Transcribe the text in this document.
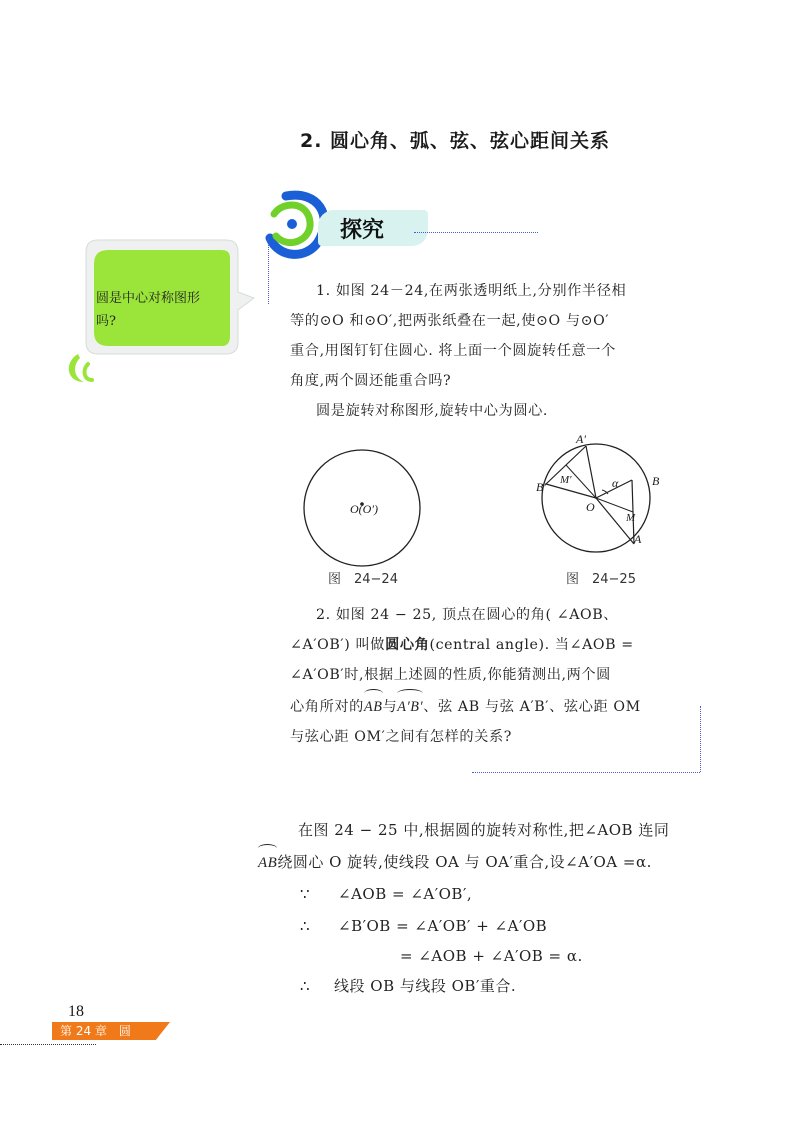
2. 圆心角、弧、弦、弦心距间关系
探究
圆是中心对称图形吗?
1. 如图 24－24,在两张透明纸上,分别作半径相
等的⊙O 和⊙O′,把两张纸叠在一起,使⊙O 与⊙O′
重合,用图钉钉住圆心. 将上面一个圆旋转任意一个
角度,两个圆还能重合吗?
圆是旋转对称图形,旋转中心为圆心.
O(O′)
图　24−24
A′
B′ M′	α	B
O
M
A
图　24−25
2. 如图 24 − 25, 顶点在圆心的角( ∠AOB、
∠A′OB′) 叫做圆心角(central angle). 当∠AOB =
∠A′OB′时,根据上述圆的性质,你能猜测出,两个圆
心角所对的AB与A′B′、弦 AB 与弦 A′B′、弦心距 OM
与弦心距 OM′之间有怎样的关系?
在图 24 − 25 中,根据圆的旋转对称性,把∠AOB 连同
AB绕圆心 O 旋转,使线段 OA 与 OA′重合,设∠A′OA =α.
∵ ∠AOB = ∠A′OB′,
∴ ∠B′OB = ∠A′OB′ + ∠A′OB
= ∠AOB + ∠A′OB = α.
∴ 线段 OB 与线段 OB′重合.
18
第 24 章　圆
